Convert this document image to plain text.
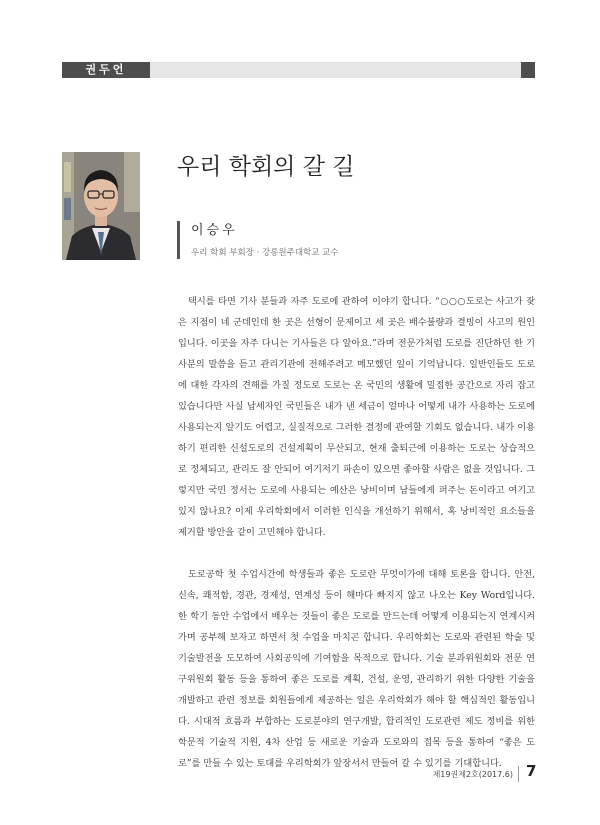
권두언
우리 학회의 갈 길
이승우
우리 학회 부회장 · 강릉원주대학교 교수

택시를 타면 기사 분들과 자주 도로에 관하여 이야기 합니다. “○○○도로는 사고가 잦은 지점이 네 군데인데 한 곳은 선형이 문제이고 세 곳은 배수불량과 결빙이 사고의 원인입니다. 이곳을 자주 다니는 기사들은 다 알아요.”라며 전문가처럼 도로를 진단하던 한 기사분의 말씀을 듣고 관리기관에 전해주려고 메모했던 일이 기억납니다. 일반인들도 도로에 대한 각자의 견해를 가질 정도로 도로는 온 국민의 생활에 밀접한 공간으로 자리 잡고 있습니다만 사실 납세자인 국민들은 내가 낸 세금이 얼마나 어떻게 내가 사용하는 도로에 사용되는지 알기도 어렵고, 실질적으로 그러한 결정에 관여할 기회도 없습니다. 내가 이용하기 편리한 신설도로의 건설계획이 무산되고, 현재 출퇴근에 이용하는 도로는 상습적으로 정체되고, 관리도 잘 안되어 여기저기 파손이 있으면 좋아할 사람은 없을 것입니다. 그렇지만 국민 정서는 도로에 사용되는 예산은 낭비이며 남들에게 퍼주는 돈이라고 여기고 있지 않나요? 이제 우리학회에서 이러한 인식을 개선하기 위해서, 혹 낭비적인 요소들을 제거할 방안을 같이 고민해야 합니다.

도로공학 첫 수업시간에 학생들과 좋은 도로란 무엇이가에 대해 토론을 합니다. 안전, 신속, 쾌적함, 경관, 경제성, 연계성 등이 해마다 빠지지 않고 나오는 Key Word입니다. 한 학기 동안 수업에서 배우는 것들이 좋은 도로를 만드는데 어떻게 이용되는지 연계시켜가며 공부해 보자고 하면서 첫 수업을 마치곤 합니다. 우리학회는 도로와 관련된 학술 및 기술발전을 도모하여 사회공익에 기여함을 목적으로 합니다. 기술 분과위원회와 전문 연구위원회 활동 등을 통하여 좋은 도로를 계획, 건설, 운영, 관리하기 위한 다양한 기술을 개발하고 관련 정보를 회원들에게 제공하는 일은 우리학회가 해야 할 핵심적인 활동입니다. 시대적 흐름과 부합하는 도로분야의 연구개발, 합리적인 도로관련 제도 정비를 위한 학문적 기술적 지원, 4차 산업 등 새로운 기술과 도로와의 접목 등을 통하여 “좋은 도로”를 만들 수 있는 토대를 우리학회가 앞장서서 만들어 갈 수 있기를 기대합니다.

제19권제2호(2017.6) 7
